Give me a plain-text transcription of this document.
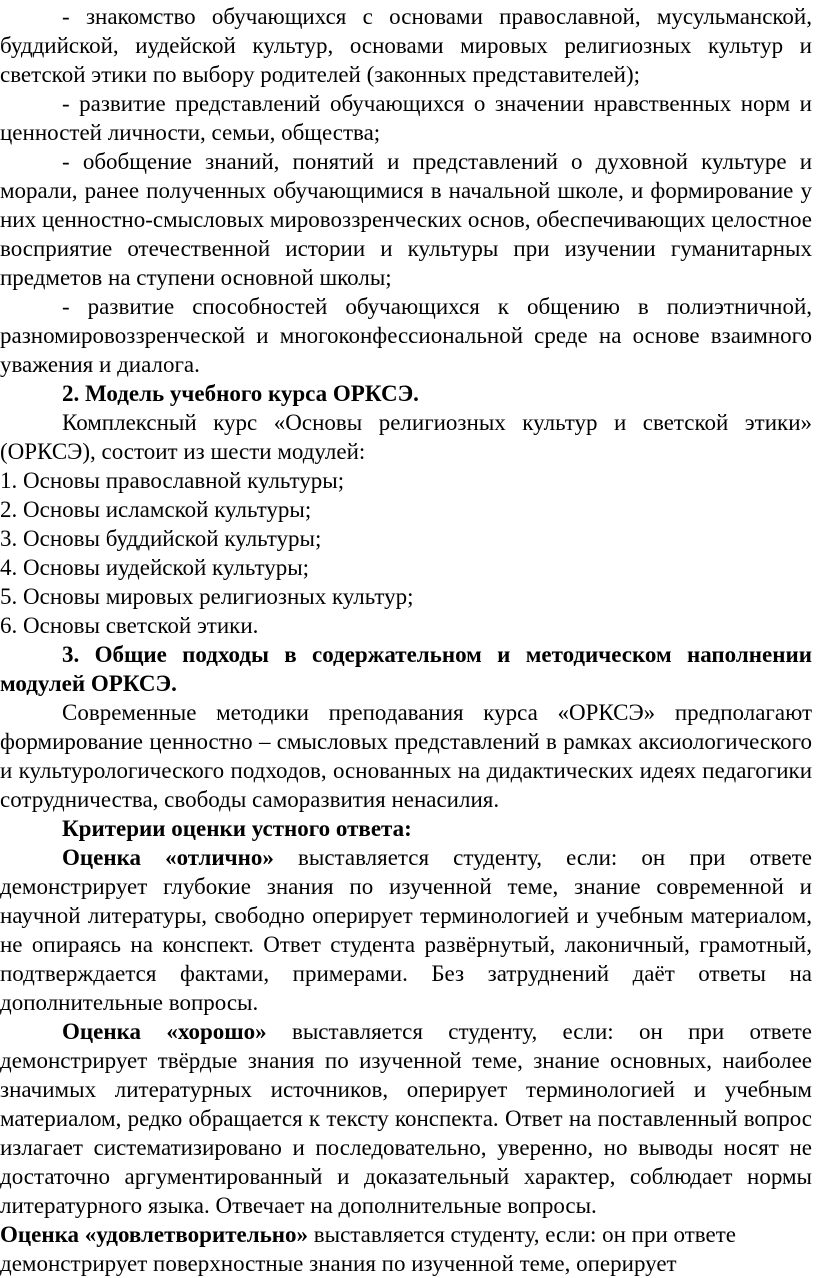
- знакомство обучающихся с основами православной, мусульманской, буддийской, иудейской культур, основами мировых религиозных культур и светской этики по выбору родителей (законных представителей);

- развитие представлений обучающихся о значении нравственных норм и ценностей личности, семьи, общества;

- обобщение знаний, понятий и представлений о духовной культуре и морали, ранее полученных обучающимися в начальной школе, и формирование у них ценностно-смысловых мировоззренческих основ, обеспечивающих целостное восприятие отечественной истории и культуры при изучении гуманитарных предметов на ступени основной школы;

- развитие способностей обучающихся к общению в полиэтничной, разномировоззренческой и многоконфессиональной среде на основе взаимного уважения и диалога.

2. Модель учебного курса ОРКСЭ.

Комплексный курс «Основы религиозных культур и светской этики» (ОРКСЭ), состоит из шести модулей:

1. Основы православной культуры;

2. Основы исламской культуры;

3. Основы буддийской культуры;

4. Основы иудейской культуры;

5. Основы мировых религиозных культур;

6. Основы светской этики.

3. Общие подходы в содержательном и методическом наполнении модулей ОРКСЭ.

Современные методики преподавания курса «ОРКСЭ» предполагают формирование ценностно – смысловых представлений в рамках аксиологического и культурологического подходов, основанных на дидактических идеях педагогики сотрудничества, свободы саморазвития ненасилия.

Критерии оценки устного ответа:

Оценка «отлично» выставляется студенту, если: он при ответе демонстрирует глубокие знания по изученной теме, знание современной и научной литературы, свободно оперирует терминологией и учебным материалом, не опираясь на конспект. Ответ студента развёрнутый, лаконичный, грамотный, подтверждается фактами, примерами. Без затруднений даёт ответы на дополнительные вопросы.

Оценка «хорошо» выставляется студенту, если: он при ответе демонстрирует твёрдые знания по изученной теме, знание основных, наиболее значимых литературных источников, оперирует терминологией и учебным материалом, редко обращается к тексту конспекта. Ответ на поставленный вопрос излагает систематизировано и последовательно, уверенно, но выводы носят не достаточно аргументированный и доказательный характер, соблюдает нормы литературного языка. Отвечает на дополнительные вопросы.

Оценка «удовлетворительно» выставляется студенту, если: он при ответе демонстрирует поверхностные знания по изученной теме, оперирует
